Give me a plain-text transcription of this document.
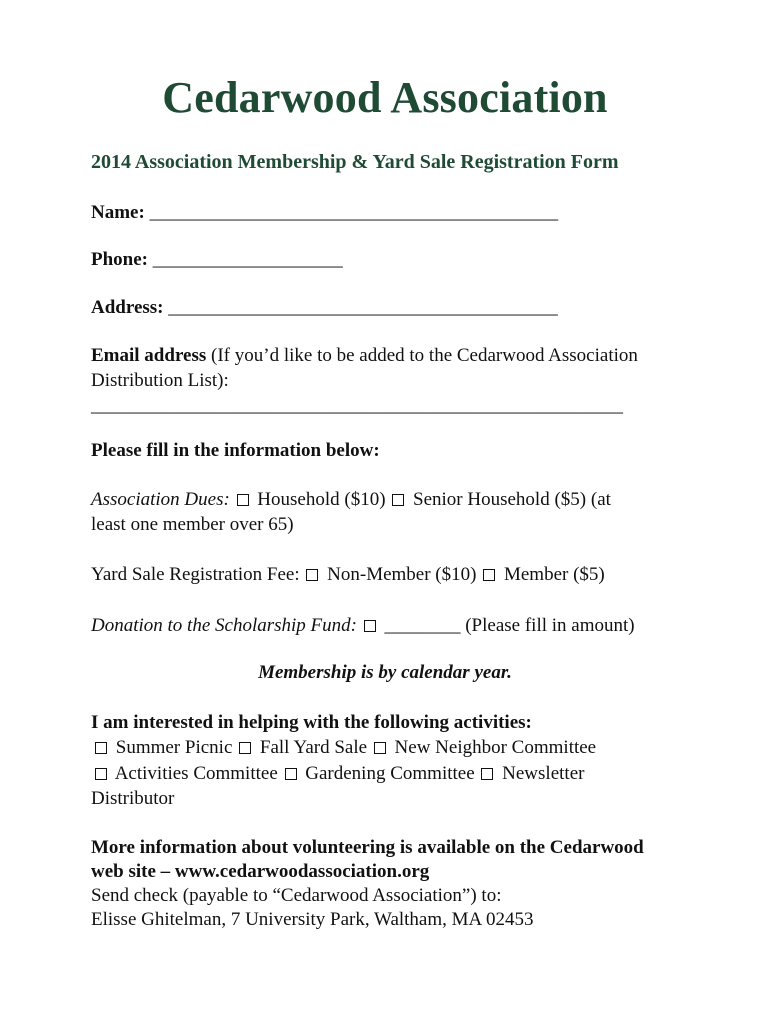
Cedarwood Association
2014 Association Membership & Yard Sale Registration Form
Name: ___________________________________________
Phone: ____________________
Address: _________________________________________
Email address (If you’d like to be added to the Cedarwood Association
Distribution List):
________________________________________________________
Please fill in the information below:
Association Dues: Household ($10) Senior Household ($5) (at
least one member over 65)
Yard Sale Registration Fee: Non-Member ($10) Member ($5)
Donation to the Scholarship Fund: ________ (Please fill in amount)
Membership is by calendar year.
I am interested in helping with the following activities:
Summer Picnic Fall Yard Sale New Neighbor Committee
Activities Committee Gardening Committee Newsletter
Distributor
More information about volunteering is available on the Cedarwood
web site – www.cedarwoodassociation.org
Send check (payable to “Cedarwood Association”) to:
Elisse Ghitelman, 7 University Park, Waltham, MA 02453
